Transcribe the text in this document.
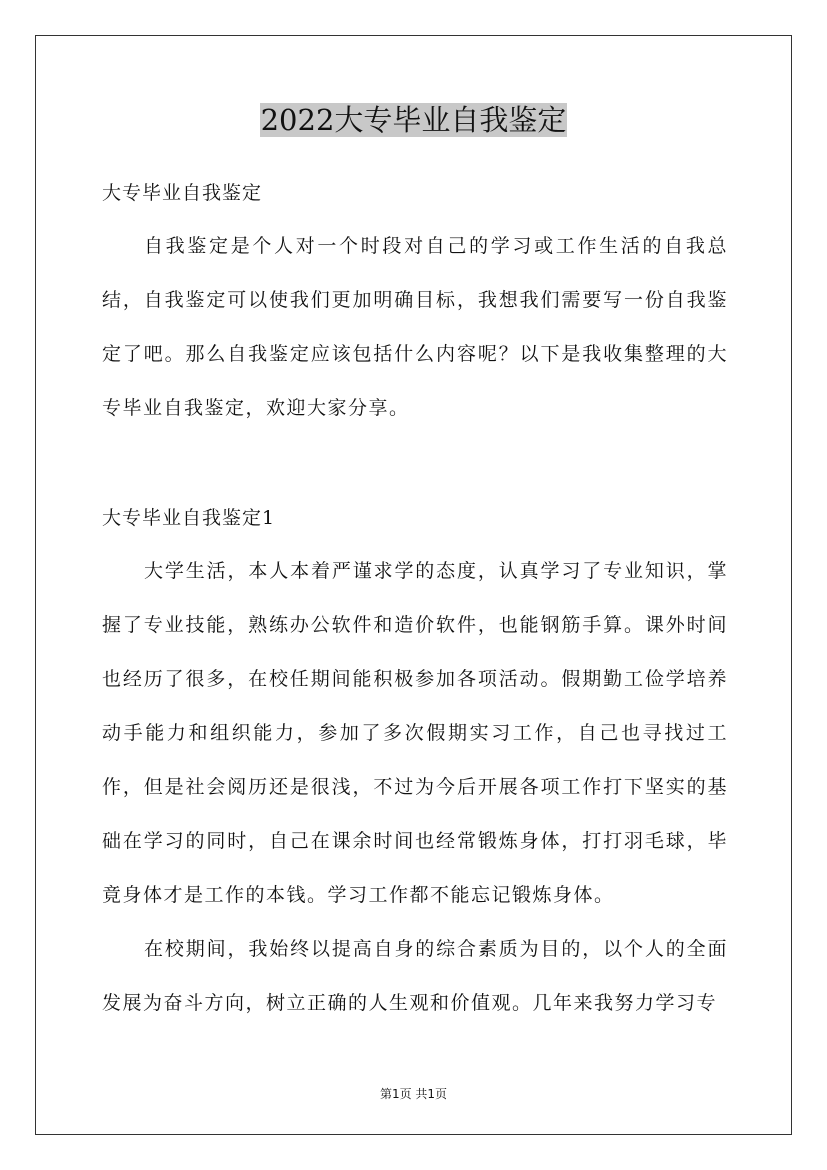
2022大专毕业自我鉴定
大专毕业自我鉴定

自我鉴定是个人对一个时段对自己的学习或工作生活的自我总结，自我鉴定可以使我们更加明确目标，我想我们需要写一份自我鉴定了吧。那么自我鉴定应该包括什么内容呢？以下是我收集整理的大专毕业自我鉴定，欢迎大家分享。

大专毕业自我鉴定1

大学生活，本人本着严谨求学的态度，认真学习了专业知识，掌握了专业技能，熟练办公软件和造价软件，也能钢筋手算。课外时间也经历了很多，在校任期间能积极参加各项活动。假期勤工俭学培养动手能力和组织能力，参加了多次假期实习工作，自己也寻找过工作，但是社会阅历还是很浅，不过为今后开展各项工作打下坚实的基础在学习的同时，自己在课余时间也经常锻炼身体，打打羽毛球，毕竟身体才是工作的本钱。学习工作都不能忘记锻炼身体。

在校期间，我始终以提高自身的综合素质为目的，以个人的全面发展为奋斗方向，树立正确的人生观和价值观。几年来我努力学习专

第1页 共1页
